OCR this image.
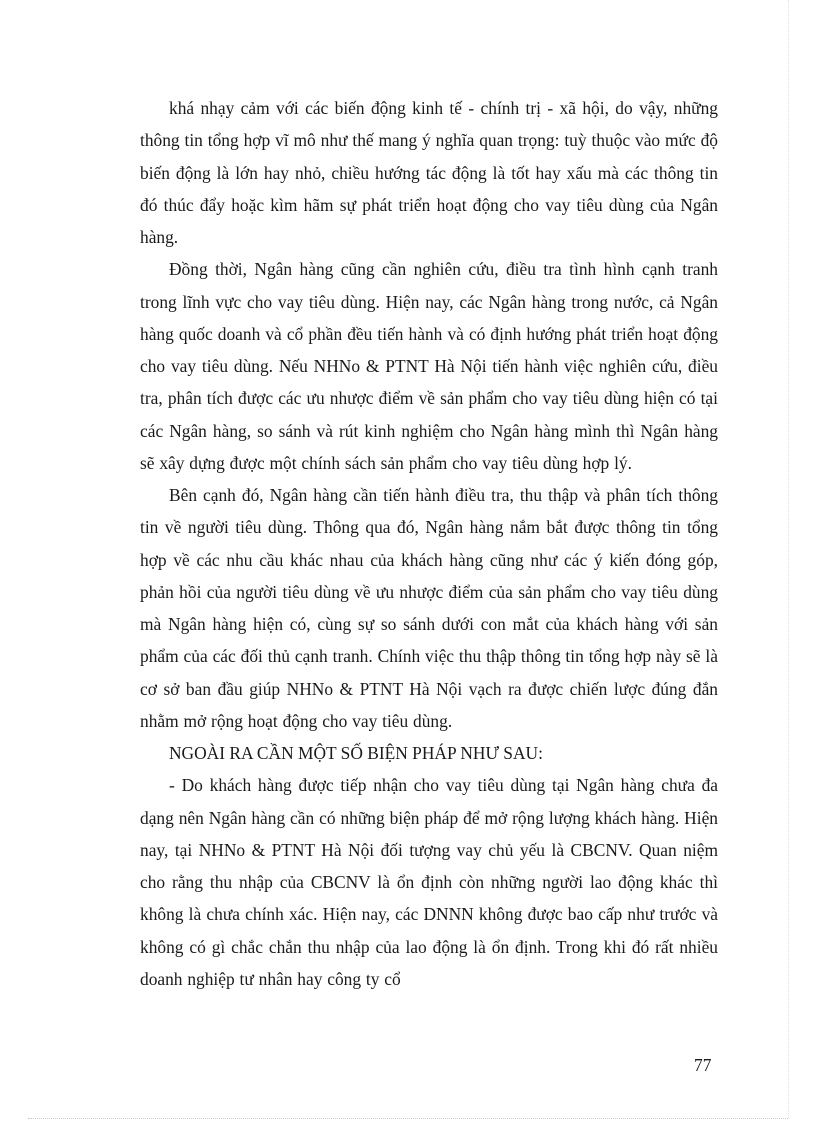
khá nhạy cảm với các biến động kinh tế - chính trị - xã hội, do vậy, những thông tin tổng hợp vĩ mô như thế mang ý nghĩa quan trọng: tuỳ thuộc vào mức độ biến động là lớn hay nhỏ, chiều hướng tác động là tốt hay xấu mà các thông tin đó thúc đẩy hoặc kìm hãm sự phát triển hoạt động cho vay tiêu dùng của Ngân hàng.

Đồng thời, Ngân hàng cũng cần nghiên cứu, điều tra tình hình cạnh tranh trong lĩnh vực cho vay tiêu dùng. Hiện nay, các Ngân hàng trong nước, cả Ngân hàng quốc doanh và cổ phần đều tiến hành và có định hướng phát triển hoạt động cho vay tiêu dùng. Nếu NHNo & PTNT Hà Nội tiến hành việc nghiên cứu, điều tra, phân tích được các ưu nhược điểm về sản phẩm cho vay tiêu dùng hiện có tại các Ngân hàng, so sánh và rút kinh nghiệm cho Ngân hàng mình thì Ngân hàng sẽ xây dựng được một chính sách sản phẩm cho vay tiêu dùng hợp lý.

Bên cạnh đó, Ngân hàng cần tiến hành điều tra, thu thập và phân tích thông tin về người tiêu dùng. Thông qua đó, Ngân hàng nắm bắt được thông tin tổng hợp về các nhu cầu khác nhau của khách hàng cũng như các ý kiến đóng góp, phản hồi của người tiêu dùng về ưu nhược điểm của sản phẩm cho vay tiêu dùng mà Ngân hàng hiện có, cùng sự so sánh dưới con mắt của khách hàng với sản phẩm của các đối thủ cạnh tranh. Chính việc thu thập thông tin tổng hợp này sẽ là cơ sở ban đầu giúp NHNo & PTNT Hà Nội vạch ra được chiến lược đúng đắn nhằm mở rộng hoạt động cho vay tiêu dùng.

NGOÀI RA CẦN MỘT SỐ BIỆN PHÁP NHƯ SAU:

- Do khách hàng được tiếp nhận cho vay tiêu dùng tại Ngân hàng chưa đa dạng nên Ngân hàng cần có những biện pháp để mở rộng lượng khách hàng. Hiện nay, tại NHNo & PTNT Hà Nội đối tượng vay chủ yếu là CBCNV. Quan niệm cho rằng thu nhập của CBCNV là ổn định còn những người lao động khác thì không là chưa chính xác. Hiện nay, các DNNN không được bao cấp như trước và không có gì chắc chắn thu nhập của lao động là ổn định. Trong khi đó rất nhiều doanh nghiệp tư nhân hay công ty cổ

77
